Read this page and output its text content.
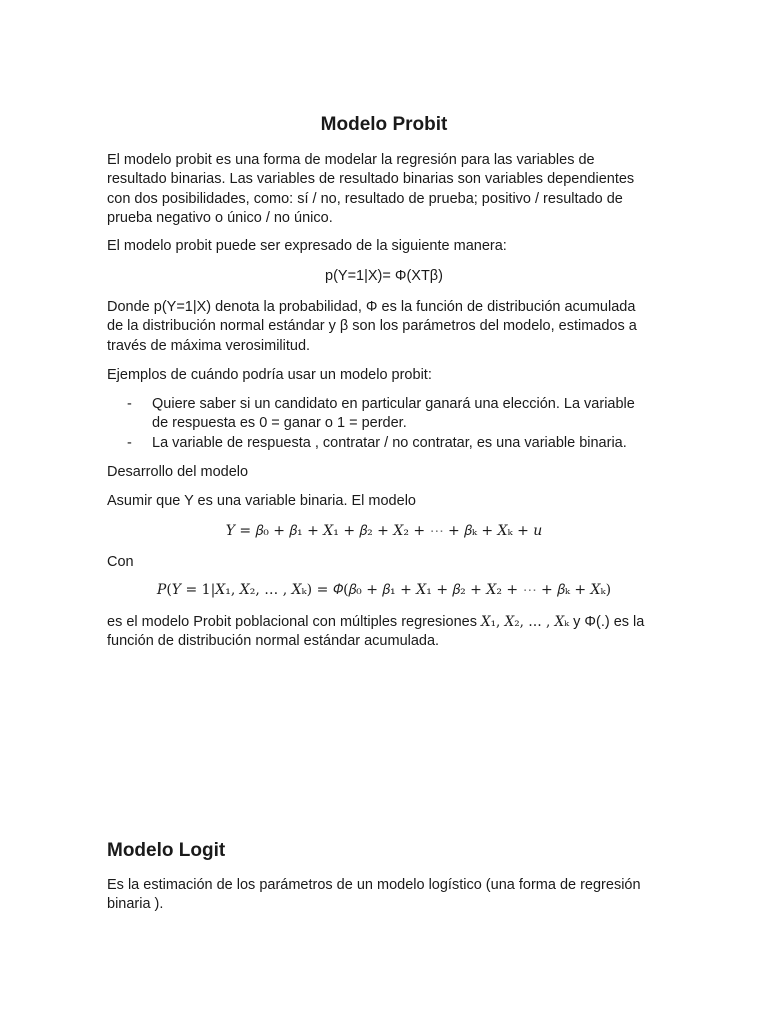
Modelo Probit

El modelo probit es una forma de modelar la regresión para las variables de
resultado binarias. Las variables de resultado binarias son variables dependientes
con dos posibilidades, como: sí / no, resultado de prueba; positivo / resultado de
prueba negativo o único / no único.

El modelo probit puede ser expresado de la siguiente manera:

p(Y=1|X)= Φ(XTβ)

Donde p(Y=1|X) denota la probabilidad, Φ es la función de distribución acumulada
de la distribución normal estándar y β son los parámetros del modelo, estimados a
través de máxima verosimilitud.

Ejemplos de cuándo podría usar un modelo probit:

- Quiere saber si un candidato en particular ganará una elección. La variable
de respuesta es 0 = ganar o 1 = perder.
- La variable de respuesta , contratar / no contratar, es una variable binaria.

Desarrollo del modelo

Asumir que Y es una variable binaria. El modelo

𝑌 = 𝛽₀ + 𝛽₁ + 𝑋₁ + 𝛽₂ + 𝑋₂ + ⋯ + 𝛽ₖ + 𝑋ₖ + 𝑢

Con

𝑃(𝑌 = 1|𝑋₁, 𝑋₂, … , 𝑋ₖ) = 𝛷(𝛽₀ + 𝛽₁ + 𝑋₁ + 𝛽₂ + 𝑋₂ + ⋯ + 𝛽ₖ + 𝑋ₖ)

es el modelo Probit poblacional con múltiples regresiones 𝑋₁, 𝑋₂, … , 𝑋ₖ y Φ(.) es la
función de distribución normal estándar acumulada.

Modelo Logit

Es la estimación de los parámetros de un modelo logístico (una forma de regresión
binaria ).
